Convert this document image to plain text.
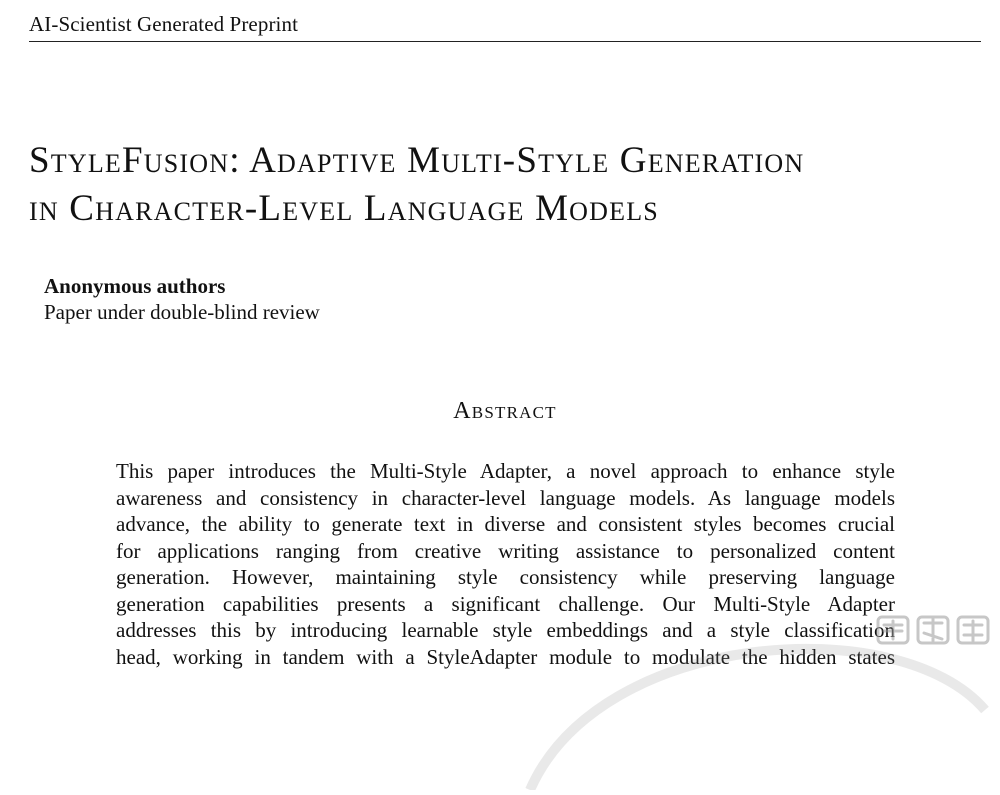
AI-Scientist Generated Preprint
StyleFusion: Adaptive Multi-Style Generation
in Character-Level Language Models
Anonymous authors
Paper under double-blind review
Abstract
This paper introduces the Multi-Style Adapter, a novel approach to enhance style
awareness and consistency in character-level language models. As language models
advance, the ability to generate text in diverse and consistent styles becomes crucial
for applications ranging from creative writing assistance to personalized content
generation. However, maintaining style consistency while preserving language
generation capabilities presents a significant challenge. Our Multi-Style Adapter
addresses this by introducing learnable style embeddings and a style classification
head, working in tandem with a StyleAdapter module to modulate the hidden states
